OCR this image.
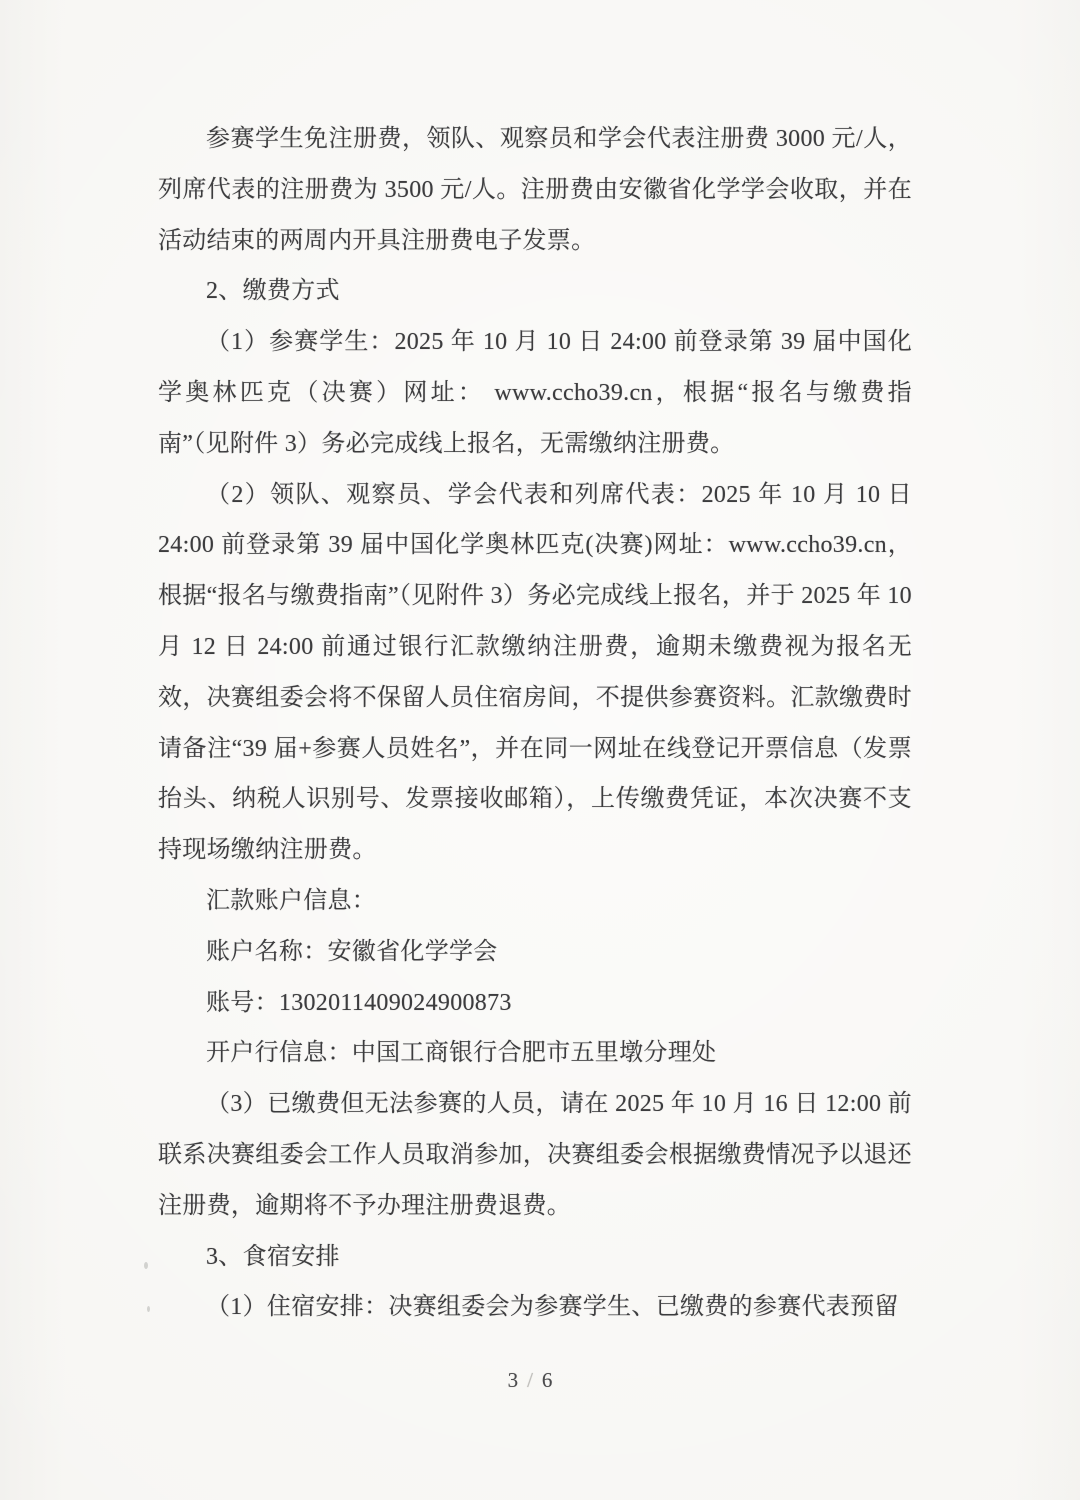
参赛学生免注册费，领队、观察员和学会代表注册费 3000 元/人，列席代表的注册费为 3500 元/人。注册费由安徽省化学学会收取，并在活动结束的两周内开具注册费电子发票。

2、缴费方式

（1）参赛学生：2025 年 10 月 10 日 24:00 前登录第 39 届中国化学奥林匹克（决赛）网址： www.ccho39.cn，根据“报名与缴费指南”（见附件 3）务必完成线上报名，无需缴纳注册费。

（2）领队、观察员、学会代表和列席代表：2025 年 10 月 10 日 24:00 前登录第 39 届中国化学奥林匹克(决赛)网址：www.ccho39.cn，根据“报名与缴费指南”（见附件 3）务必完成线上报名，并于 2025 年 10 月 12 日 24:00 前通过银行汇款缴纳注册费，逾期未缴费视为报名无效，决赛组委会将不保留人员住宿房间，不提供参赛资料。汇款缴费时请备注“39 届+参赛人员姓名”，并在同一网址在线登记开票信息（发票抬头、纳税人识别号、发票接收邮箱），上传缴费凭证，本次决赛不支持现场缴纳注册费。

汇款账户信息：

账户名称：安徽省化学学会

账号：1302011409024900873

开户行信息：中国工商银行合肥市五里墩分理处

（3）已缴费但无法参赛的人员，请在 2025 年 10 月 16 日 12:00 前联系决赛组委会工作人员取消参加，决赛组委会根据缴费情况予以退还注册费，逾期将不予办理注册费退费。

3、食宿安排

（1）住宿安排：决赛组委会为参赛学生、已缴费的参赛代表预留

3 / 6
